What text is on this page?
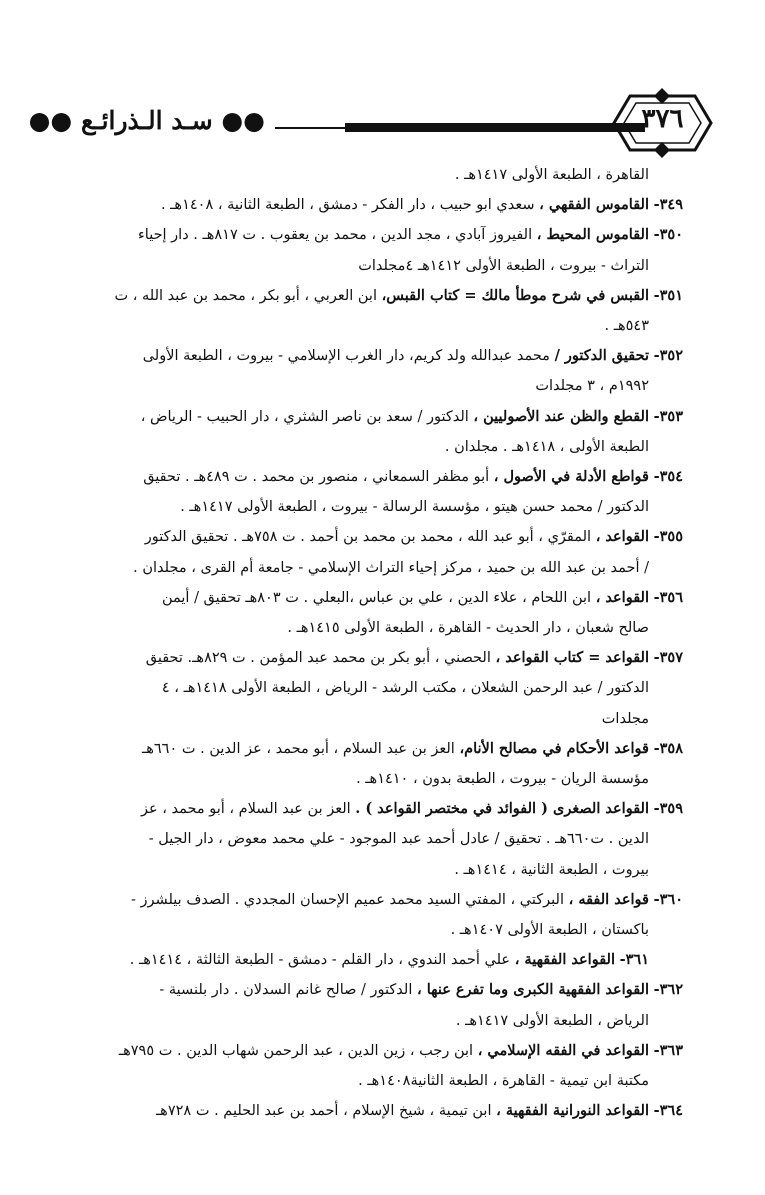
●● سـد الـذرائـع ●●	٣٧٦
القاهرة ، الطبعة الأولى ١٤١٧هـ .
٣٤٩- القاموس الفقهي ، سعدي ابو حبيب ، دار الفكر - دمشق ، الطبعة الثانية ، ١٤٠٨هـ .
٣٥٠- القاموس المحيط ، الفيروز آبادي ، مجد الدين ، محمد بن يعقوب . ت ٨١٧هـ . دار إحياء
التراث - بيروت ، الطبعة الأولى ١٤١٢هـ ٤مجلدات
٣٥١- القبس في شرح موطأ مالك = كتاب القبس، ابن العربي ، أبو بكر ، محمد بن عبد الله ، ت
٥٤٣هـ .
٣٥٢- تحقيق الدكتور / محمد عبدالله ولد كريم، دار الغرب الإسلامي - بيروت ، الطبعة الأولى
١٩٩٢م ، ٣ مجلدات
٣٥٣- القطع والظن عند الأصوليين ، الدكتور / سعد بن ناصر الشثري ، دار الحبيب - الرياض ،
الطبعة الأولى ، ١٤١٨هـ . مجلدان .
٣٥٤- قواطع الأدلة في الأصول ، أبو مظفر السمعاني ، منصور بن محمد . ت ٤٨٩هـ . تحقيق
الدكتور / محمد حسن هيتو ، مؤسسة الرسالة - بيروت ، الطبعة الأولى ١٤١٧هـ .
٣٥٥- القواعد ، المقرّي ، أبو عبد الله ، محمد بن محمد بن أحمد . ت ٧٥٨هـ . تحقيق الدكتور
/ أحمد بن عبد الله بن حميد ، مركز إحياء التراث الإسلامي - جامعة أم القرى ، مجلدان .
٣٥٦- القواعد ، ابن اللحام ، علاء الدين ، علي بن عباس ،البعلي . ت ٨٠٣هـ تحقيق / أيمن
صالح شعبان ، دار الحديث - القاهرة ، الطبعة الأولى ١٤١٥هـ .
٣٥٧- القواعد = كتاب القواعد ، الحصني ، أبو بكر بن محمد عبد المؤمن . ت ٨٢٩هـ. تحقيق
الدكتور / عبد الرحمن الشعلان ، مكتب الرشد - الرياض ، الطبعة الأولى ١٤١٨هـ ، ٤
مجلدات
٣٥٨- قواعد الأحكام في مصالح الأنام، العز بن عبد السلام ، أبو محمد ، عز الدين . ت ٦٦٠هـ
مؤسسة الريان - بيروت ، الطبعة بدون ، ١٤١٠هـ .
٣٥٩- القواعد الصغرى ( الفوائد في مختصر القواعد ) . العز بن عبد السلام ، أبو محمد ، عز
الدين . ت٦٦٠هـ . تحقيق / عادل أحمد عبد الموجود - علي محمد معوض ، دار الجيل -
بيروت ، الطبعة الثانية ، ١٤١٤هـ .
٣٦٠- قواعد الفقه ، البركتي ، المفتي السيد محمد عميم الإحسان المجددي . الصدف بيلشرز -
باكستان ، الطبعة الأولى ١٤٠٧هـ .
٣٦١- القواعد الفقهية ، علي أحمد الندوي ، دار القلم - دمشق - الطبعة الثالثة ، ١٤١٤هـ .
٣٦٢- القواعد الفقهية الكبرى وما تفرع عنها ، الدكتور / صالح غانم السدلان . دار بلنسية -
الرياض ، الطبعة الأولى ١٤١٧هـ .
٣٦٣- القواعد في الفقه الإسلامي ، ابن رجب ، زين الدين ، عبد الرحمن شهاب الدين . ت ٧٩٥هـ
مكتبة ابن تيمية - القاهرة ، الطبعة الثانية١٤٠٨هـ .
٣٦٤- القواعد النورانية الفقهية ، ابن تيمية ، شيخ الإسلام ، أحمد بن عبد الحليم . ت ٧٢٨هـ
